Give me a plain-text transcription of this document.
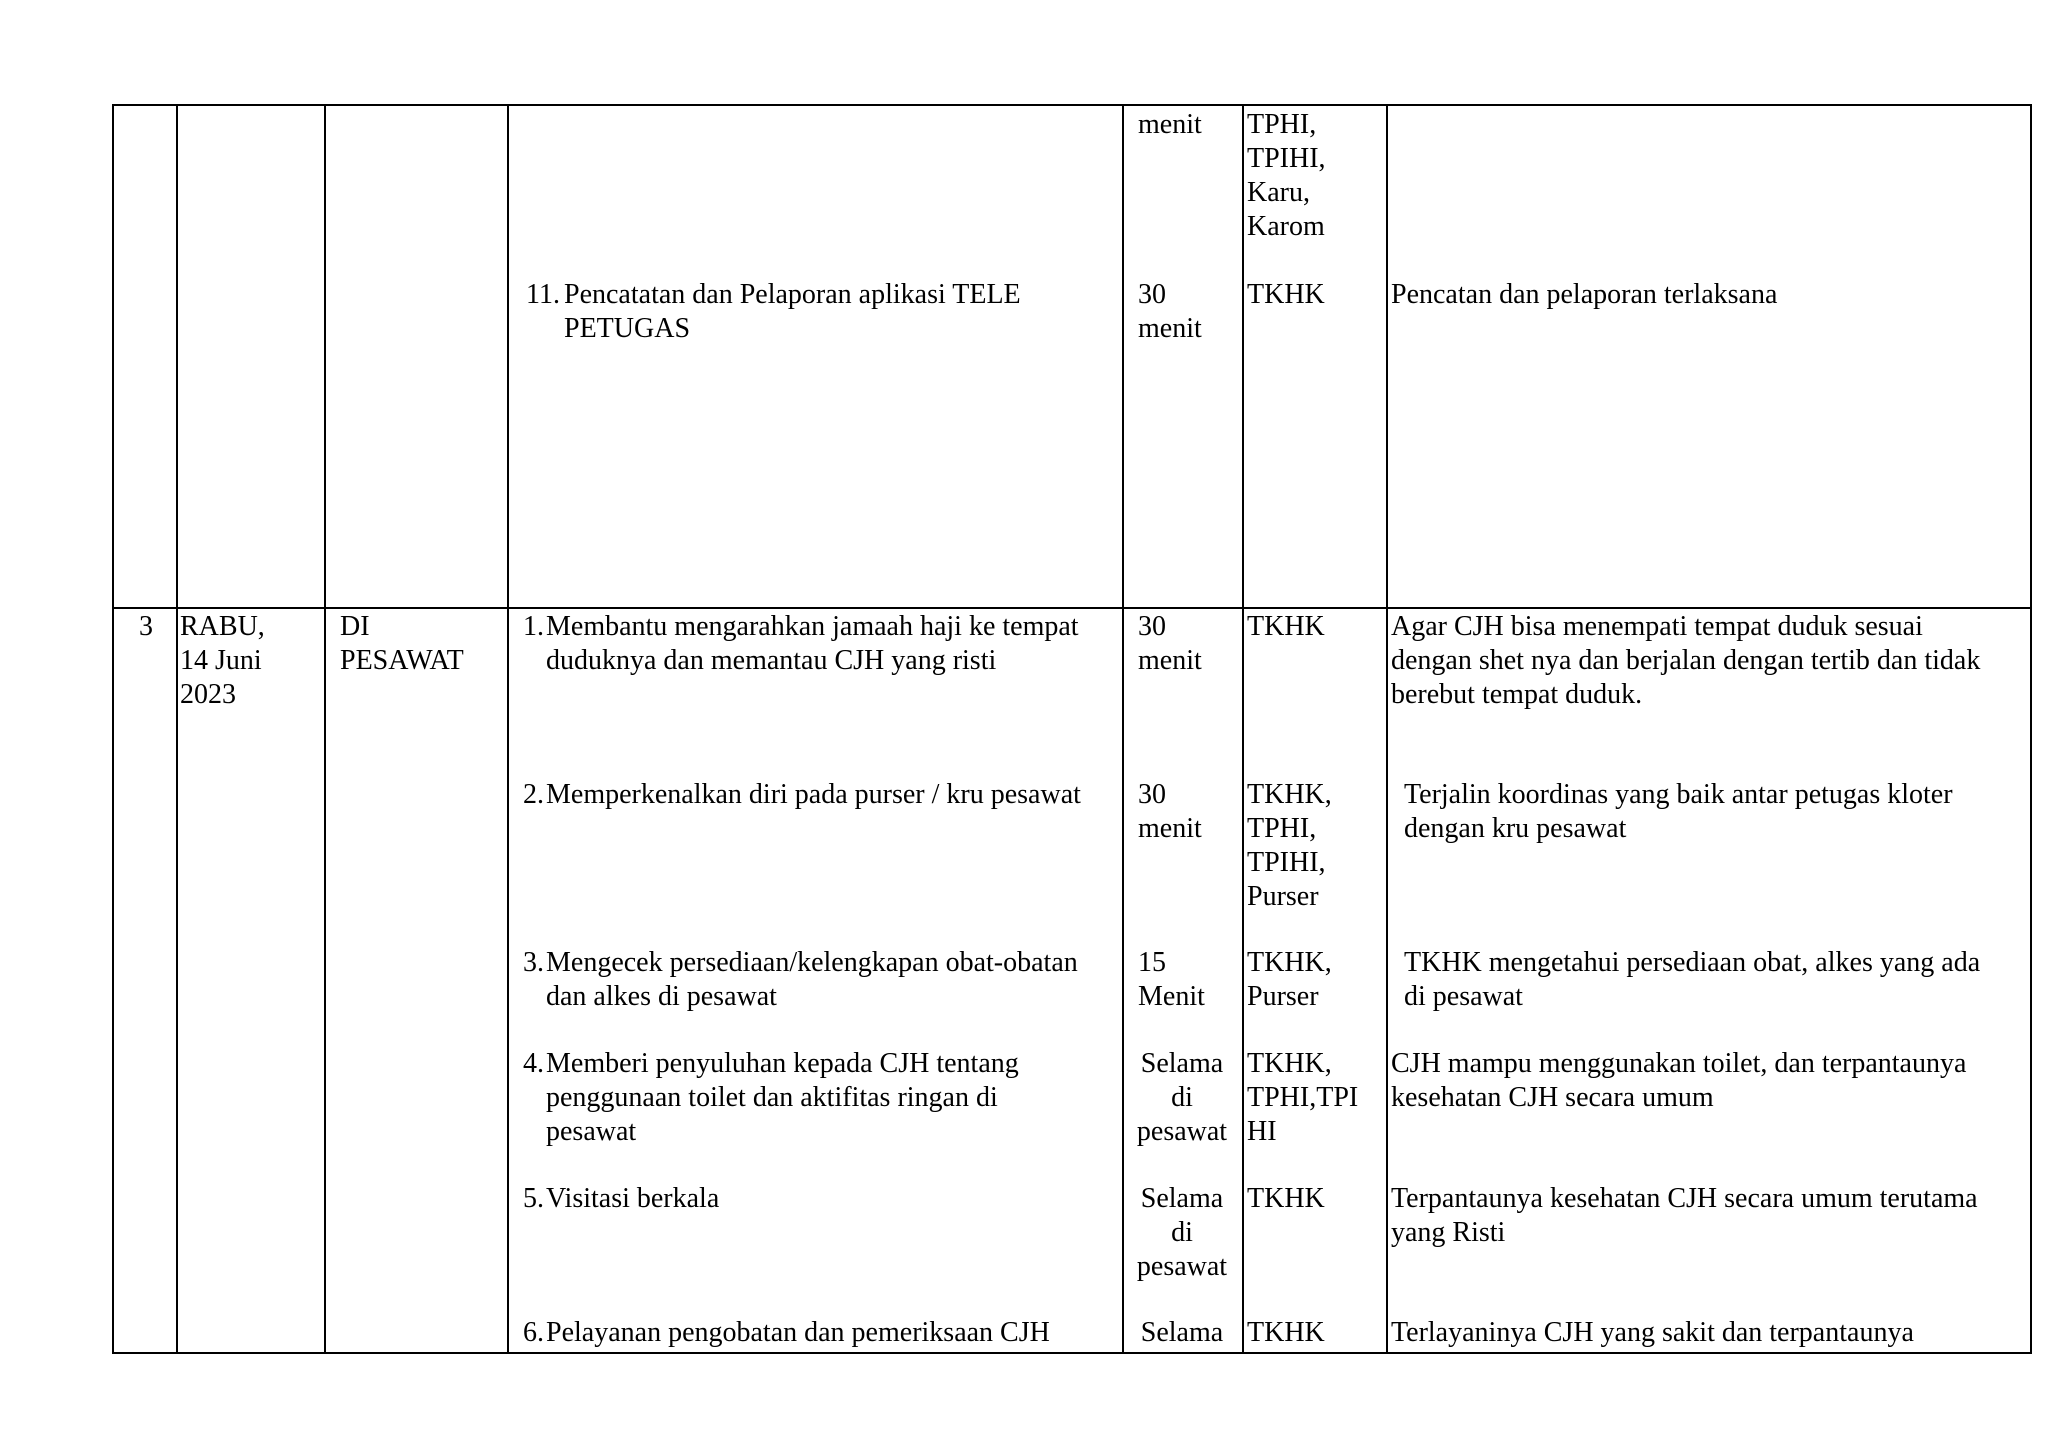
menit TPHI,
TPIHI,
Karu,
Karom
11. Pencatatan dan Pelaporan aplikasi TELE
PETUGAS
30
menit
TKHK Pencatan dan pelaporan terlaksana
3 RABU,
14 Juni
2023
DI
PESAWAT
1. Membantu mengarahkan jamaah haji ke tempat
duduknya dan memantau CJH yang risti
30
menit
TKHK Agar CJH bisa menempati tempat duduk sesuai
dengan shet nya dan berjalan dengan tertib dan tidak
berebut tempat duduk.
2. Memperkenalkan diri pada purser / kru pesawat 30
menit
TKHK,
TPHI,
TPIHI,
Purser
Terjalin koordinas yang baik antar petugas kloter
dengan kru pesawat
3. Mengecek persediaan/kelengkapan obat-obatan
dan alkes di pesawat
15
Menit
TKHK,
Purser
TKHK mengetahui persediaan obat, alkes yang ada
di pesawat
4. Memberi penyuluhan kepada CJH tentang
penggunaan toilet dan aktifitas ringan di
pesawat
Selama
di
pesawat
TKHK,
TPHI,TPI
HI
CJH mampu menggunakan toilet, dan terpantaunya
kesehatan CJH secara umum
5. Visitasi berkala	Selama
di
pesawat
TKHK Terpantaunya kesehatan CJH secara umum terutama
yang Risti
6. Pelayanan pengobatan dan pemeriksaan CJH	Selama TKHK Terlayaninya CJH yang sakit dan terpantaunya
